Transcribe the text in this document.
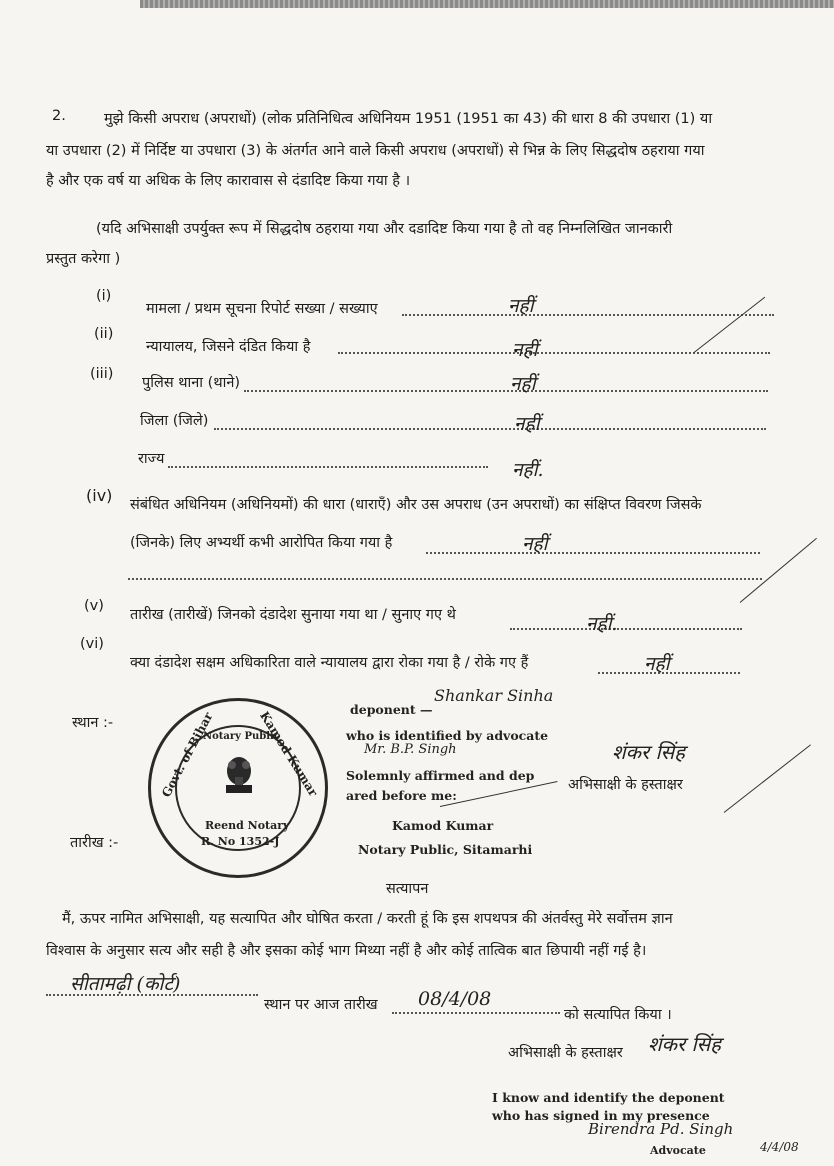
2.	मुझे किसी अपराध (अपराधों) (लोक प्रतिनिधित्व अधिनियम 1951 (1951 का 43) की धारा 8 की उपधारा (1) या
या उपधारा (2) में निर्दिष्ट या उपधारा (3) के अंतर्गत आने वाले किसी अपराध (अपराधों) से भिन्न के लिए सिद्धदोष ठहराया गया
है और एक वर्ष या अधिक के लिए कारावास से दंडादिष्ट किया गया है ।
(यदि अभिसाक्षी उपर्युक्त रूप में सिद्धदोष ठहराया गया और दडादिष्ट किया गया है तो वह निम्नलिखित जानकारी
प्रस्तुत करेगा )
(i)
मामला / प्रथम सूचना रिपोर्ट सख्या / सख्याए	नहीं
(ii)
न्यायालय, जिसने दंडित किया है	नहीं
(iii)
पुलिस थाना (थाने)	नहीं
जिला (जिले)	नहीं
राज्य	नहीं.
(iv) संबंधित अधिनियम (अधिनियमों) की धारा (धाराएँ) और उस अपराध (उन अपराधों) का संक्षिप्त विवरण जिसके
(जिनके) लिए अभ्यर्थी कभी आरोपित किया गया है	नहीं
(v)
तारीख (तारीखें) जिनको दंडादेश सुनाया गया था / सुनाए गए थे	नहीं.
(vi)
क्या दंडादेश सक्षम अधिकारिता वाले न्यायालय द्वारा रोका गया है / रोके गए हैं	नहीं
स्थान :-
तारीख :-
Govt. of Bihar	Kamod Kumar
Notary Public
Reend Notary
R. No 1352-J
deponent —
Shankar Sinha
who is identified by advocate
Mr. B.P. Singh
Solemnly affirmed and dep
ared before me:
Kamod Kumar
Notary Public, Sitamarhi
अभिसाक्षी के हस्ताक्षर
शंकर सिंह
सत्यापन
मैं, ऊपर नामित अभिसाक्षी, यह सत्यापित और घोषित करता / करती हूं कि इस शपथपत्र की अंतर्वस्तु मेरे सर्वोत्तम ज्ञान
विश्वास के अनुसार सत्य और सही है और इसका कोई भाग मिथ्या नहीं है और कोई तात्विक बात छिपायी नहीं गई है।
सीतामढ़ी (कोर्ट)
स्थान पर आज तारीख 08/4/08
को सत्यापित किया ।
अभिसाक्षी के हस्ताक्षर शंकर सिंह
I know and identify the deponent
who has signed in my presence
Birendra Pd. Singh
Advocate	4/4/08
